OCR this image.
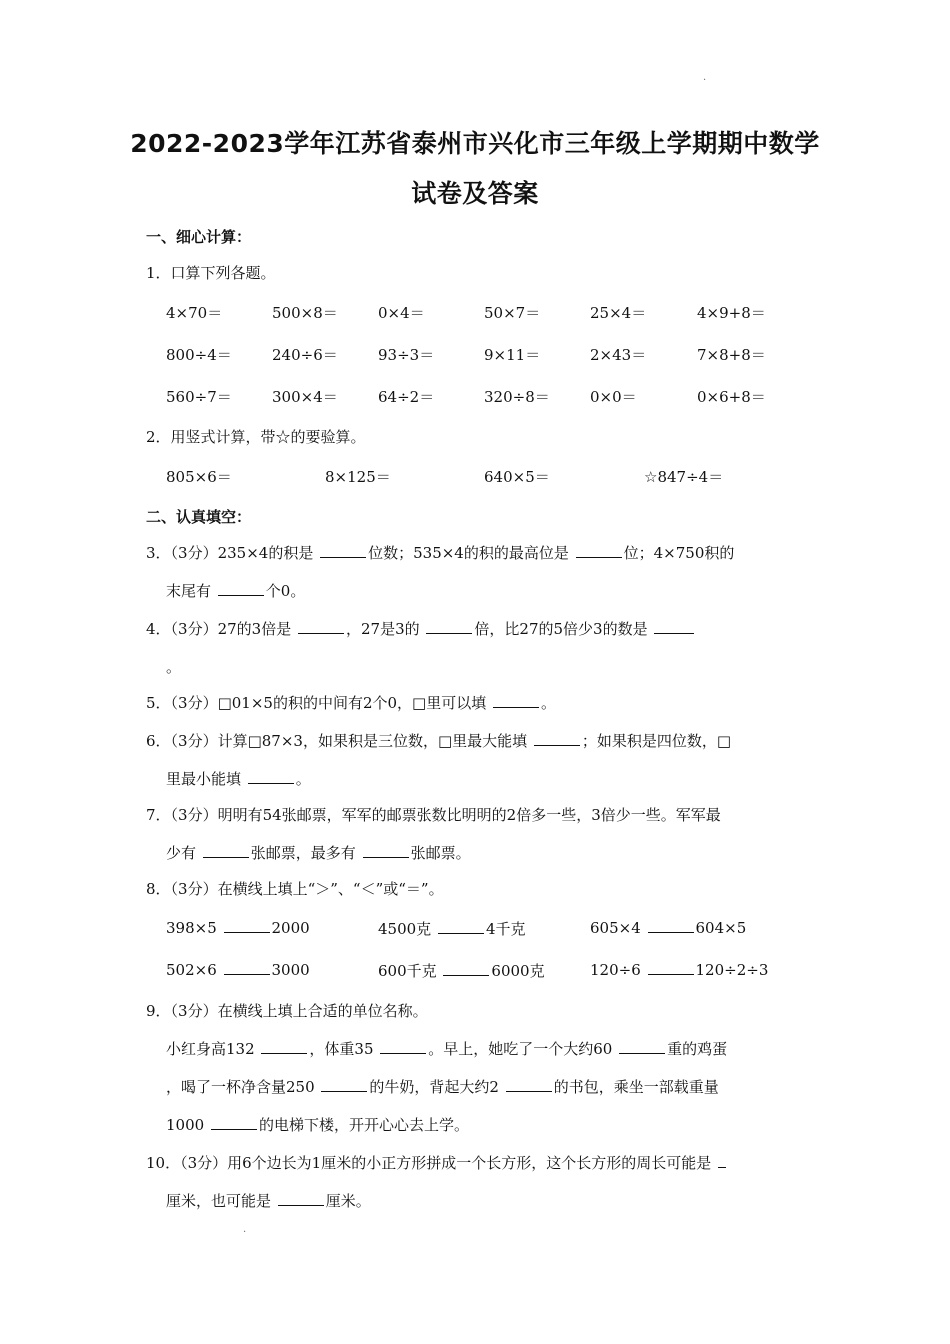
.
2022-2023学年江苏省泰州市兴化市三年级上学期期中数学
试卷及答案
一、细心计算：
1．口算下列各题。
4×70＝	500×8＝	0×4＝	50×7＝	25×4＝	4×9+8＝
800÷4＝	240÷6＝	93÷3＝	9×11＝	2×43＝	7×8+8＝
560÷7＝	300×4＝	64÷2＝	320÷8＝	0×0＝	0×6+8＝
2．用竖式计算，带☆的要验算。
805×6＝	8×125＝	640×5＝	☆847÷4＝
二、认真填空：
3．（3分）235×4的积是	位数；535×4的积的最高位是	位；4×750积的
末尾有	个0。
4．（3分）27的3倍是	，27是3的	倍，比27的5倍少3的数是
。
5．（3分）□01×5的积的中间有2个0，□里可以填	。
6．（3分）计算□87×3，如果积是三位数，□里最大能填	；如果积是四位数，□
里最小能填	。
7．（3分）明明有54张邮票，军军的邮票张数比明明的2倍多一些，3倍少一些。军军最
少有	张邮票，最多有	张邮票。
8．（3分）在横线上填上“＞”、“＜”或“＝”。
398×5	2000	4500克	4千克	605×4	604×5
502×6	3000	600千克	6000克	120÷6	120÷2÷3
9．（3分）在横线上填上合适的单位名称。
小红身高132	，体重35	。早上，她吃了一个大约60	重的鸡蛋
，喝了一杯净含量250	的牛奶，背起大约2	的书包，乘坐一部载重量
1000	的电梯下楼，开开心心去上学。
10．（3分）用6个边长为1厘米的小正方形拼成一个长方形，这个长方形的周长可能是
厘米，也可能是	厘米。
.
